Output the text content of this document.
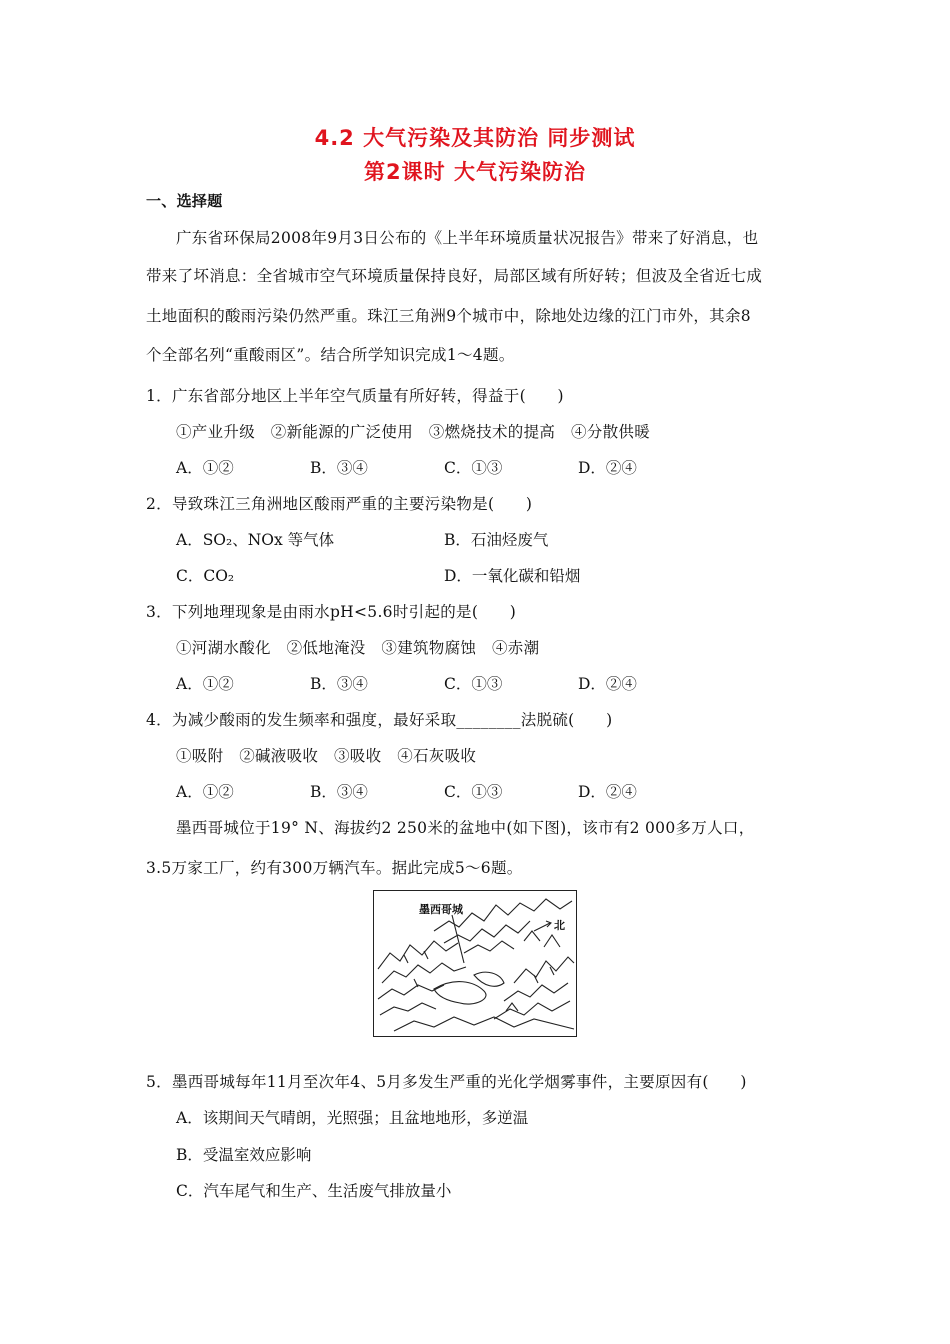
4.2 大气污染及其防治 同步测试
第2课时 大气污染防治
一、选择题
广东省环保局2008年9月3日公布的《上半年环境质量状况报告》带来了好消息，也
带来了坏消息：全省城市空气环境质量保持良好，局部区域有所好转；但波及全省近七成
土地面积的酸雨污染仍然严重。珠江三角洲9个城市中，除地处边缘的江门市外，其余8
个全部名列“重酸雨区”。结合所学知识完成1～4题。
1．广东省部分地区上半年空气质量有所好转，得益于(　　)
①产业升级　②新能源的广泛使用　③燃烧技术的提高　④分散供暖
A．①②	B．③④	C．①③	D．②④
2．导致珠江三角洲地区酸雨严重的主要污染物是(　　)
A．SO₂、NOx 等气体	B．石油烃废气
C．CO₂	D．一氧化碳和铅烟
3．下列地理现象是由雨水pH<5.6时引起的是(　　)
①河湖水酸化　②低地淹没　③建筑物腐蚀　④赤潮
A．①②	B．③④	C．①③	D．②④
4．为减少酸雨的发生频率和强度，最好采取________法脱硫(　　)
①吸附　②碱液吸收　③吸收　④石灰吸收
A．①②	B．③④	C．①③	D．②④
墨西哥城位于19° N、海拔约2 250米的盆地中(如下图)，该市有2 000多万人口，
3.5万家工厂，约有300万辆汽车。据此完成5～6题。
墨西哥城
北
5．墨西哥城每年11月至次年4、5月多发生严重的光化学烟雾事件，主要原因有(　　)
A．该期间天气晴朗，光照强；且盆地地形，多逆温
B．受温室效应影响
C．汽车尾气和生产、生活废气排放量小
